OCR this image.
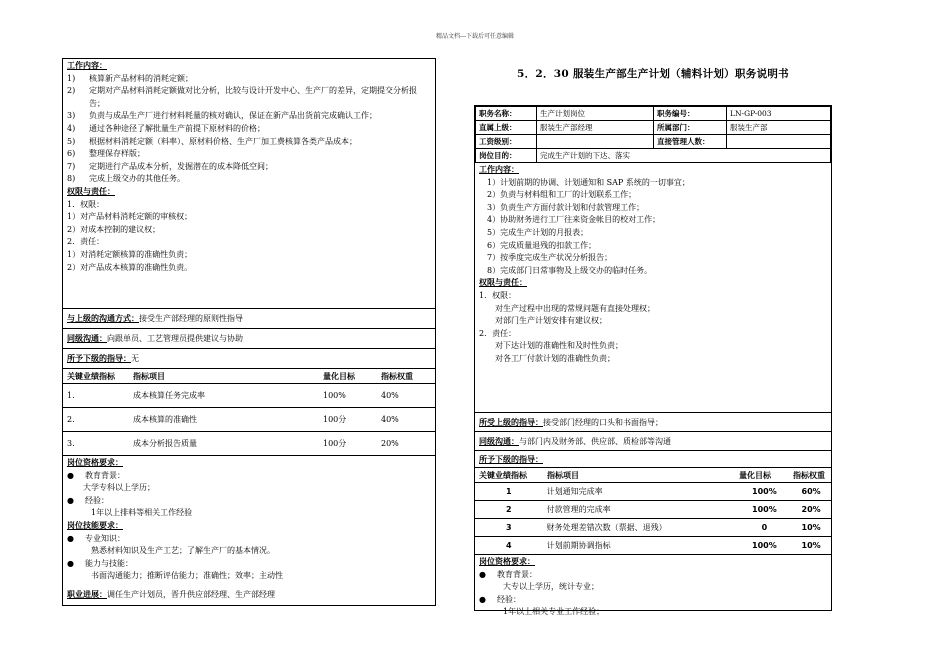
精品文档---下载后可任意编辑
工作内容：
1)	核算新产品材料的消耗定额；
2)	定期对产品材料消耗定额做对比分析，比较与设计开发中心、生产厂的差异，定期提交分析报告；
3)	负责与成品生产厂进行材料耗量的核对确认，保证在新产品出货前完成确认工作；
4)	通过各种途径了解批量生产前提下原材料的价格；
5)	根据材料消耗定额（料率）、原材料价格、生产厂加工费核算各类产品成本；
6)	整理保存样版；
7)	定期进行产品成本分析，发掘潜在的成本降低空间；
8)	完成上级交办的其他任务。
权限与责任：
1．权限：
1）对产品材料消耗定额的审核权；
2）对成本控制的建议权；
2．责任：
1）对消耗定额核算的准确性负责；
2）对产品成本核算的准确性负责。
与上级的沟通方式： 接受生产部经理的原则性指导
同级沟通： 向跟单员、工艺管理员提供建议与协助
所予下级的指导： 无
关键业绩指标	指标项目	量化目标	指标权重
1.	成本核算任务完成率	100%	40%
2.	成本核算的准确性	100分	40%
3.	成本分析报告质量	100分	20%
岗位资格要求：
● 教育背景：
大学专科以上学历；
● 经验：
1年以上排料等相关工作经验
岗位技能要求：
● 专业知识：
熟悉材料知识及生产工艺；了解生产厂的基本情况。
● 能力与技能：
书面沟通能力；推断评估能力；准确性；效率；主动性
职业进展：调任生产计划员，晋升供应部经理、生产部经理
5．2．30 服装生产部生产计划（辅料计划）职务说明书
职务名称：	生产计划岗位	职务编号：	LN-GP-003
直属上级：	服装生产部经理	所属部门：	服装生产部
工资级别：		直接管理人数：	
岗位目的：	完成生产计划的下达、落实		
工作内容：
1）计划前期的协调、计划通知和 SAP 系统的一切事宜；
2）负责与材料组和工厂的计划联系工作；
3）负责生产方面付款计划和付款管理工作；
4）协助财务进行工厂往来资金帐目的校对工作；
5）完成生产计划的月报表；
6）完成质量退残的扣款工作；
7）按季度完成生产状况分析报告；
8）完成部门日常事物及上级交办的临时任务。
权限与责任：
1．权限：
对生产过程中出现的常规问题有直接处理权；
对部门生产计划安排有建议权；
2．责任：
对下达计划的准确性和及时性负责；
对各工厂付款计划的准确性负责；
所受上级的指导： 接受部门经理的口头和书面指导；
同级沟通： 与部门内及财务部、供应部、质检部等沟通
所予下级的指导：
关键业绩指标	指标项目	量化目标	指标权重
1	计划通知完成率	100%	60%
2	付款管理的完成率	100%	20%
3	财务处理差错次数（票据、退残）	0	10%
4	计划前期协调指标	100%	10%
岗位资格要求：
● 教育背景：
大专以上学历，统计专业；
● 经验：
1年以上相关专业工作经验；
